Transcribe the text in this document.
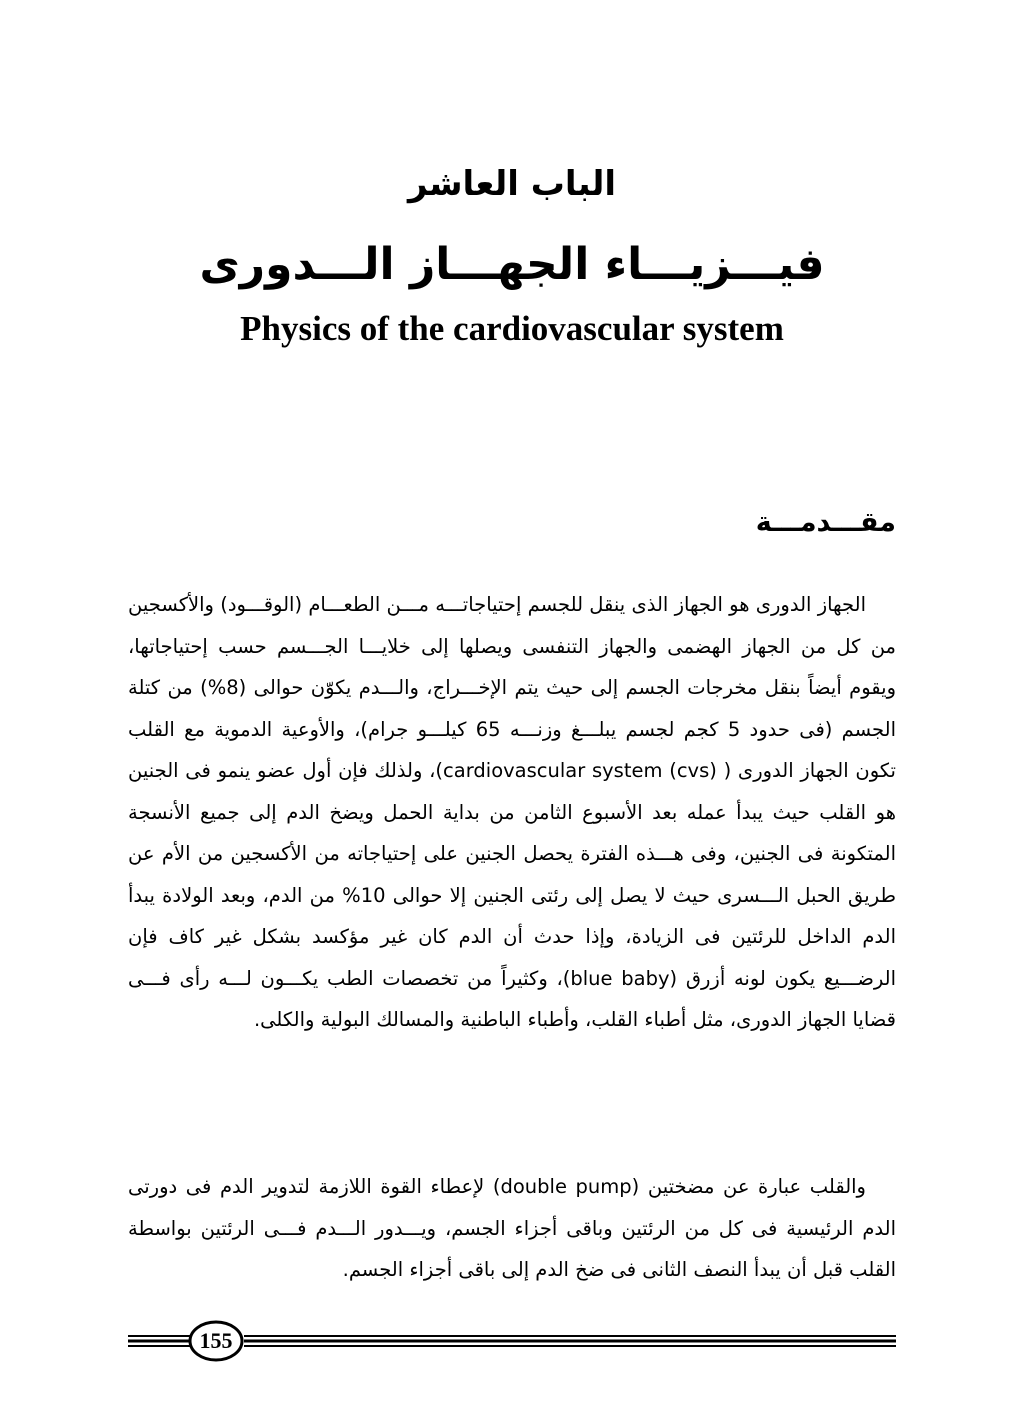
الباب العاشر
فيـــزيـــاء الجهـــاز الـــدورى
Physics of the cardiovascular system
مقـــدمـــة

الجهاز الدورى هو الجهاز الذى ينقل للجسم إحتياجاتـــه مـــن الطعـــام (الوقـــود) والأكسجين من كل من الجهاز الهضمى والجهاز التنفسى ويصلها إلى خلايـــا الجـــسم حسب إحتياجاتها، ويقوم أيضاً بنقل مخرجات الجسم إلى حيث يتم الإخـــراج، والـــدم يكوّن حوالى (8%) من كتلة الجسم (فى حدود 5 كجم لجسم يبلـــغ وزنـــه 65 كيلـــو جرام)، والأوعية الدموية مع القلب تكون الجهاز الدورى ( cardiovascular system (cvs))، ولذلك فإن أول عضو ينمو فى الجنين هو القلب حيث يبدأ عمله بعد الأسبوع الثامن من بداية الحمل ويضخ الدم إلى جميع الأنسجة المتكونة فى الجنين، وفى هـــذه الفترة يحصل الجنين على إحتياجاته من الأكسجين من الأم عن طريق الحبل الـــسرى حيث لا يصل إلى رئتى الجنين إلا حوالى 10% من الدم، وبعد الولادة يبدأ الدم الداخل للرئتين فى الزيادة، وإذا حدث أن الدم كان غير مؤكسد بشكل غير كاف فإن الرضـــيع يكون لونه أزرق (blue baby)، وكثيراً من تخصصات الطب يكـــون لـــه رأى فـــى قضايا الجهاز الدورى، مثل أطباء القلب، وأطباء الباطنية والمسالك البولية والكلى.

والقلب عبارة عن مضختين (double pump) لإعطاء القوة اللازمة لتدوير الدم فى دورتى الدم الرئيسية فى كل من الرئتين وباقى أجزاء الجسم، ويـــدور الـــدم فـــى الرئتين بواسطة القلب قبل أن يبدأ النصف الثانى فى ضخ الدم إلى باقى أجزاء الجسم.

155
